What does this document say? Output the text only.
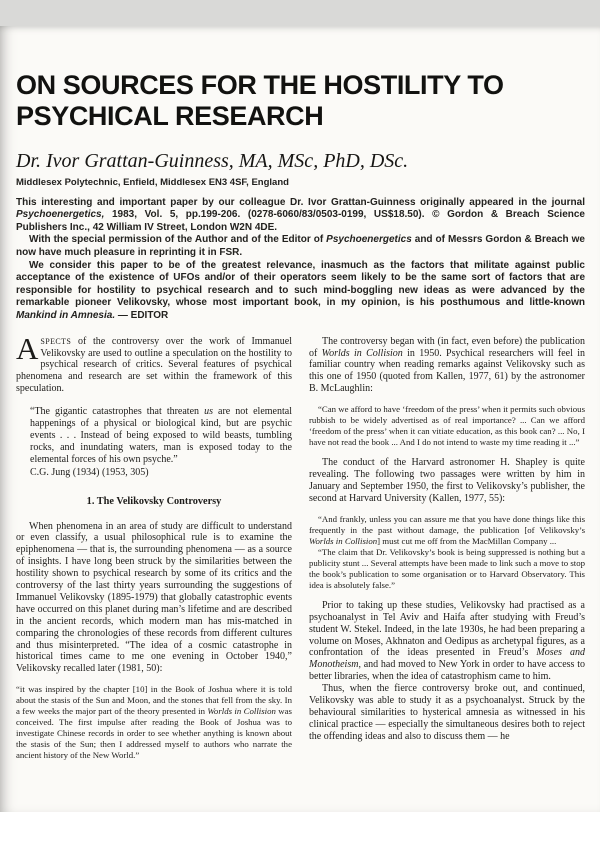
ON SOURCES FOR THE HOSTILITY TO PSYCHICAL RESEARCH
Dr. Ivor Grattan-Guinness, MA, MSc, PhD, DSc.
Middlesex Polytechnic, Enfield, Middlesex EN3 4SF, England

This interesting and important paper by our colleague Dr. Ivor Grattan-Guinness originally appeared in the journal Psychoenergetics, 1983, Vol. 5, pp.199-206. (0278-6060/83/0503-0199, US$18.50). © Gordon & Breach Science Publishers Inc., 42 William IV Street, London W2N 4DE.

With the special permission of the Author and of the Editor of Psychoenergetics and of Messrs Gordon & Breach we now have much pleasure in reprinting it in FSR.

We consider this paper to be of the greatest relevance, inasmuch as the factors that militate against public acceptance of the existence of UFOs and/or of their operators seem likely to be the same sort of factors that are responsible for hostility to psychical research and to such mind-boggling new ideas as were advanced by the remarkable pioneer Velikovsky, whose most important book, in my opinion, is his posthumous and little-known Mankind in Amnesia. — EDITOR

ASPECTS of the controversy over the work of Immanuel Velikovsky are used to outline a speculation on the hostility to psychical research of critics. Several features of psychical phenomena and research are set within the framework of this speculation.

“The gigantic catastrophes that threaten us are not elemental happenings of a physical or biological kind, but are psychic events . . . Instead of being exposed to wild beasts, tumbling rocks, and inundating waters, man is exposed today to the elemental forces of his own psyche.”
C.G. Jung (1934) (1953, 305)
1. The Velikovsky Controversy

When phenomena in an area of study are difficult to understand or even classify, a usual philosophical rule is to examine the epiphenomena — that is, the surrounding phenomena — as a source of insights. I have long been struck by the similarities between the hostility shown to psychical research by some of its critics and the controversy of the last thirty years surrounding the suggestions of Immanuel Velikovsky (1895-1979) that globally catastrophic events have occurred on this planet during man’s lifetime and are described in the ancient records, which modern man has mis-matched in comparing the chronologies of these records from different cultures and thus misinterpreted. “The idea of a cosmic catastrophe in historical times came to me one evening in October 1940,” Velikovsky recalled later (1981, 50):

“it was inspired by the chapter [10] in the Book of Joshua where it is told about the stasis of the Sun and Moon, and the stones that fell from the sky. In a few weeks the major part of the theory presented in Worlds in Collision was conceived. The first impulse after reading the Book of Joshua was to investigate Chinese records in order to see whether anything is known about the stasis of the Sun; then I addressed myself to authors who narrate the ancient history of the New World.”

The controversy began with (in fact, even before) the publication of Worlds in Collision in 1950. Psychical researchers will feel in familiar country when reading remarks against Velikovsky such as this one of 1950 (quoted from Kallen, 1977, 61) by the astronomer B. McLaughlin:

“Can we afford to have ‘freedom of the press’ when it permits such obvious rubbish to be widely advertised as of real importance? ... Can we afford ‘freedom of the press’ when it can vitiate education, as this book can? ... No, I have not read the book ... And I do not intend to waste my time reading it ...”

The conduct of the Harvard astronomer H. Shapley is quite revealing. The following two passages were written by him in January and September 1950, the first to Velikovsky’s publisher, the second at Harvard University (Kallen, 1977, 55):

“And frankly, unless you can assure me that you have done things like this frequently in the past without damage, the publication [of Velikovsky’s Worlds in Collision] must cut me off from the MacMillan Company ...

“The claim that Dr. Velikovsky’s book is being suppressed is nothing but a publicity stunt ... Several attempts have been made to link such a move to stop the book’s publication to some organisation or to Harvard Observatory. This idea is absolutely false.”

Prior to taking up these studies, Velikovsky had practised as a psychoanalyst in Tel Aviv and Haifa after studying with Freud’s student W. Stekel. Indeed, in the late 1930s, he had been preparing a volume on Moses, Akhnaton and Oedipus as archetypal figures, as a confrontation of the ideas presented in Freud’s Moses and Monotheism, and had moved to New York in order to have access to better libraries, when the idea of catastrophism came to him.

Thus, when the fierce controversy broke out, and continued, Velikovsky was able to study it as a psychoanalyst. Struck by the behavioural similarities to hysterical amnesia as witnessed in his clinical practice — especially the simultaneous desires both to reject the offending ideas and also to discuss them — he
